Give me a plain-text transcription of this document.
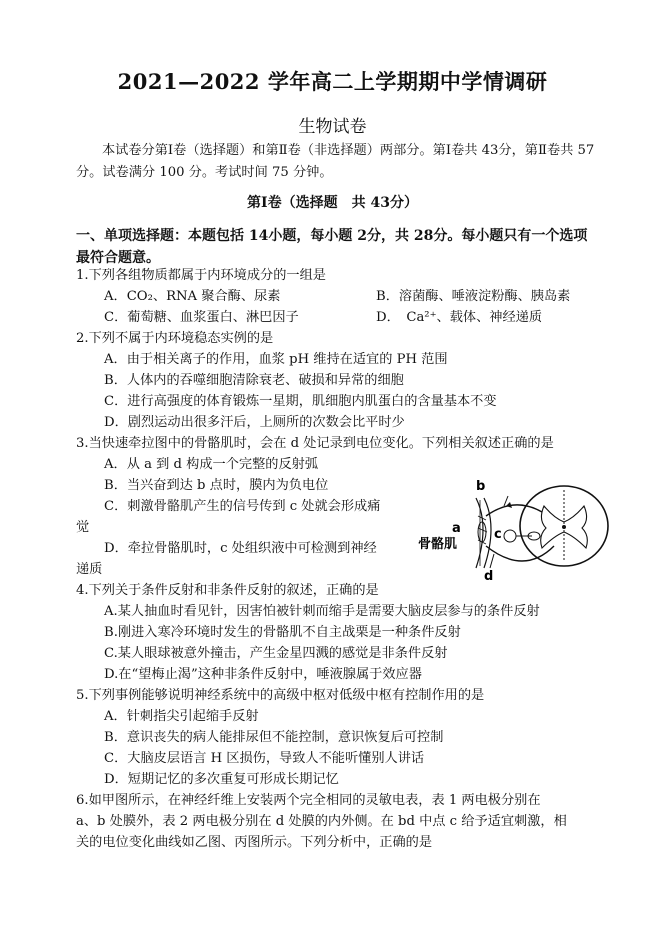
2021—2022 学年高二上学期期中学情调研
生物试卷
本试卷分第Ⅰ卷（选择题）和第Ⅱ卷（非选择题）两部分。第Ⅰ卷共 43分，第Ⅱ卷共 57 分。试卷满分 100 分。考试时间 75 分钟。
第Ⅰ卷（选择题　共 43分）
一、单项选择题：本题包括 14小题，每小题 2分，共 28分。每小题只有一个选项最符合题意。
1.下列各组物质都属于内环境成分的一组是
A．CO₂、RNA 聚合酶、尿素	B．溶菌酶、唾液淀粉酶、胰岛素
C．葡萄糖、血浆蛋白、淋巴因子	D．　Ca²⁺、载体、神经递质
2.下列不属于内环境稳态实例的是
A．由于相关离子的作用，血浆 pH 维持在适宜的 PH 范围
B．人体内的吞噬细胞清除衰老、破损和异常的细胞
C．进行高强度的体育锻炼一星期，肌细胞内肌蛋白的含量基本不变
D．剧烈运动出很多汗后，上厕所的次数会比平时少
3.当快速牵拉图中的骨骼肌时，会在 d 处记录到电位变化。下列相关叙述正确的是
A．从 a 到 d 构成一个完整的反射弧
B．当兴奋到达 b 点时，膜内为负电位
C．刺激骨骼肌产生的信号传到 c 处就会形成痛
觉
D．牵拉骨骼肌时，c 处组织液中可检测到神经
递质
b
a	c
d
骨骼肌
4.下列关于条件反射和非条件反射的叙述，正确的是
A.某人抽血时看见针，因害怕被针刺而缩手是需要大脑皮层参与的条件反射
B.刚进入寒冷环境时发生的骨骼肌不自主战栗是一种条件反射
C.某人眼球被意外撞击，产生金星四溅的感觉是非条件反射
D.在“望梅止渴”这种非条件反射中，唾液腺属于效应器
5.下列事例能够说明神经系统中的高级中枢对低级中枢有控制作用的是
A．针刺指尖引起缩手反射
B．意识丧失的病人能排尿但不能控制，意识恢复后可控制
C．大脑皮层语言 H 区损伤，导致人不能听懂别人讲话
D．短期记忆的多次重复可形成长期记忆
6.如甲图所示，在神经纤维上安装两个完全相同的灵敏电表，表 1 两电极分别在
a、b 处膜外，表 2 两电极分别在 d 处膜的内外侧。在 bd 中点 c 给予适宜刺激，相
关的电位变化曲线如乙图、丙图所示。下列分析中，正确的是
